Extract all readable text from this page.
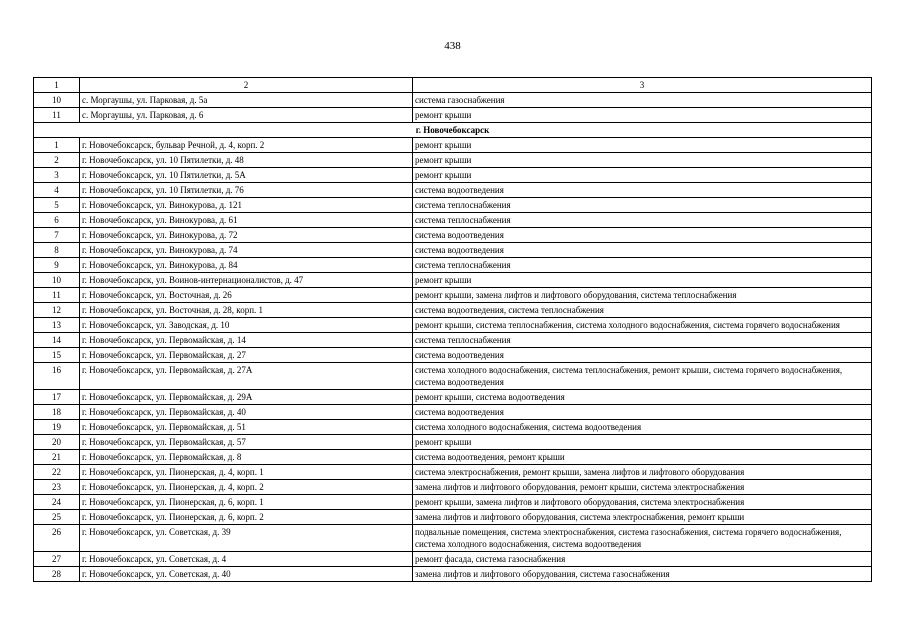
438
1	2	3
10	с. Моргаушы, ул. Парковая, д. 5а	система газоснабжения
11	с. Моргаушы, ул. Парковая, д. 6	ремонт крыши
г. Новочебоксарск		
1	г. Новочебоксарск, бульвар Речной, д. 4, корп. 2	ремонт крыши
2	г. Новочебоксарск, ул. 10 Пятилетки, д. 48	ремонт крыши
3	г. Новочебоксарск, ул. 10 Пятилетки, д. 5А	ремонт крыши
4	г. Новочебоксарск, ул. 10 Пятилетки, д. 76	система водоотведения
5	г. Новочебоксарск, ул. Винокурова, д. 121	система теплоснабжения
6	г. Новочебоксарск, ул. Винокурова, д. 61	система теплоснабжения
7	г. Новочебоксарск, ул. Винокурова, д. 72	система водоотведения
8	г. Новочебоксарск, ул. Винокурова, д. 74	система водоотведения
9	г. Новочебоксарск, ул. Винокурова, д. 84	система теплоснабжения
10	г. Новочебоксарск, ул. Воинов-интернационалистов, д. 47	ремонт крыши
11	г. Новочебоксарск, ул. Восточная, д. 26	ремонт крыши, замена лифтов и лифтового оборудования, система теплоснабжения
12	г. Новочебоксарск, ул. Восточная, д. 28, корп. 1	система водоотведения, система теплоснабжения
13	г. Новочебоксарск, ул. Заводская, д. 10	ремонт крыши, система теплоснабжения, система холодного водоснабжения, система горячего водоснабжения
14	г. Новочебоксарск, ул. Первомайская, д. 14	система теплоснабжения
15	г. Новочебоксарск, ул. Первомайская, д. 27	система водоотведения
16	г. Новочебоксарск, ул. Первомайская, д. 27А	система холодного водоснабжения, система теплоснабжения, ремонт крыши, система горячего водоснабжения, система водоотведения
17	г. Новочебоксарск, ул. Первомайская, д. 29А	ремонт крыши, система водоотведения
18	г. Новочебоксарск, ул. Первомайская, д. 40	система водоотведения
19	г. Новочебоксарск, ул. Первомайская, д. 51	система холодного водоснабжения, система водоотведения
20	г. Новочебоксарск, ул. Первомайская, д. 57	ремонт крыши
21	г. Новочебоксарск, ул. Первомайская, д. 8	система водоотведения, ремонт крыши
22	г. Новочебоксарск, ул. Пионерская, д. 4, корп. 1	система электроснабжения, ремонт крыши, замена лифтов и лифтового оборудования
23	г. Новочебоксарск, ул. Пионерская, д. 4, корп. 2	замена лифтов и лифтового оборудования, ремонт крыши, система электроснабжения
24	г. Новочебоксарск, ул. Пионерская, д. 6, корп. 1	ремонт крыши, замена лифтов и лифтового оборудования, система электроснабжения
25	г. Новочебоксарск, ул. Пионерская, д. 6, корп. 2	замена лифтов и лифтового оборудования, система электроснабжения, ремонт крыши
26	г. Новочебоксарск, ул. Советская, д. 39	подвальные помещения, система электроснабжения, система газоснабжения, система горячего водоснабжения, система холодного водоснабжения, система водоотведения
27	г. Новочебоксарск, ул. Советская, д. 4	ремонт фасада, система газоснабжения
28	г. Новочебоксарск, ул. Советская, д. 40	замена лифтов и лифтового оборудования, система газоснабжения
